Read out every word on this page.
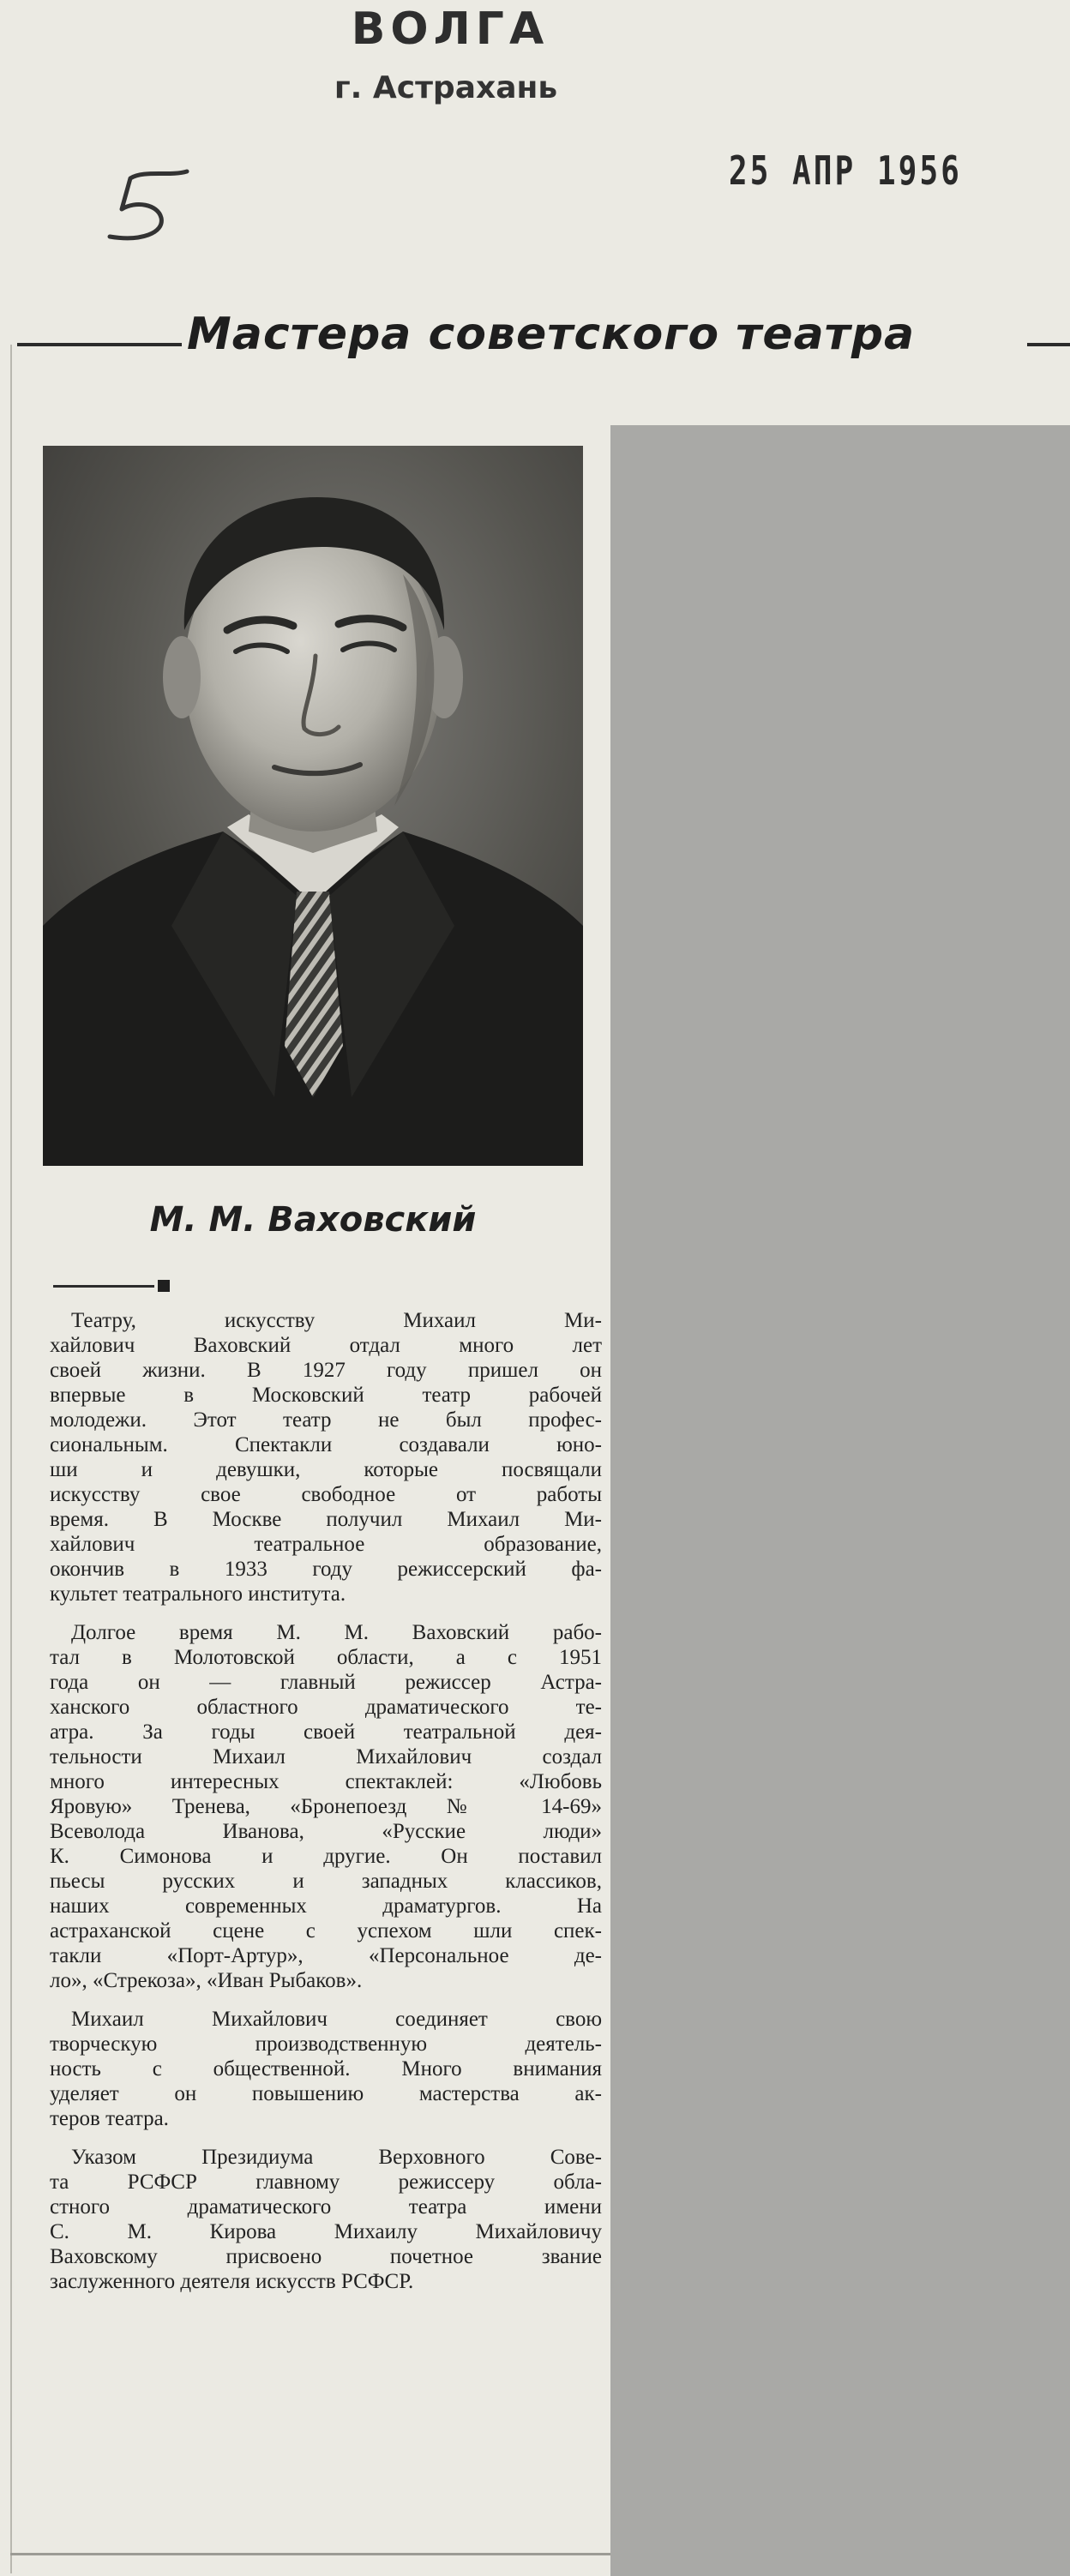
ВОЛГА
г. Астрахань
25 АПР 1956
Мастера советского театра
М. М. Ваховский

 Театру, искусству Михаил Ми-
хайлович Ваховский отдал много лет
своей жизни. В 1927 году пришел он
впервые в Московский театр рабочей
молодежи. Этот театр не был профес-
сиональным. Спектакли создавали юно-
ши и девушки, которые посвящали
искусству свое свободное от работы
время. В Москве получил Михаил Ми-
хайлович театральное образование,
окончив в 1933 году режиссерский фа-
культет театрального института.

 Долгое время М. М. Ваховский рабо-
тал в Молотовской области, а с 1951
года он — главный режиссер Астра-
ханского областного драматического те-
атра. За годы своей театральной дея-
тельности Михаил Михайлович создал
много интересных спектаклей: «Любовь
Яровую» Тренева, «Бронепоезд № 14-69»
Всеволода Иванова, «Русские люди»
К. Симонова и другие. Он поставил
пьесы русских и западных классиков,
наших современных драматургов. На
астраханской сцене с успехом шли спек-
такли «Порт-Артур», «Персональное де-
ло», «Стрекоза», «Иван Рыбаков».

 Михаил Михайлович соединяет свою
творческую производственную деятель-
ность с общественной. Много внимания
уделяет он повышению мастерства ак-
теров театра.

 Указом Президиума Верховного Сове-
та РСФСР главному режиссеру обла-
стного драматического театра имени
С. М. Кирова Михаилу Михайловичу
Ваховскому присвоено почетное звание
заслуженного деятеля искусств РСФСР.
